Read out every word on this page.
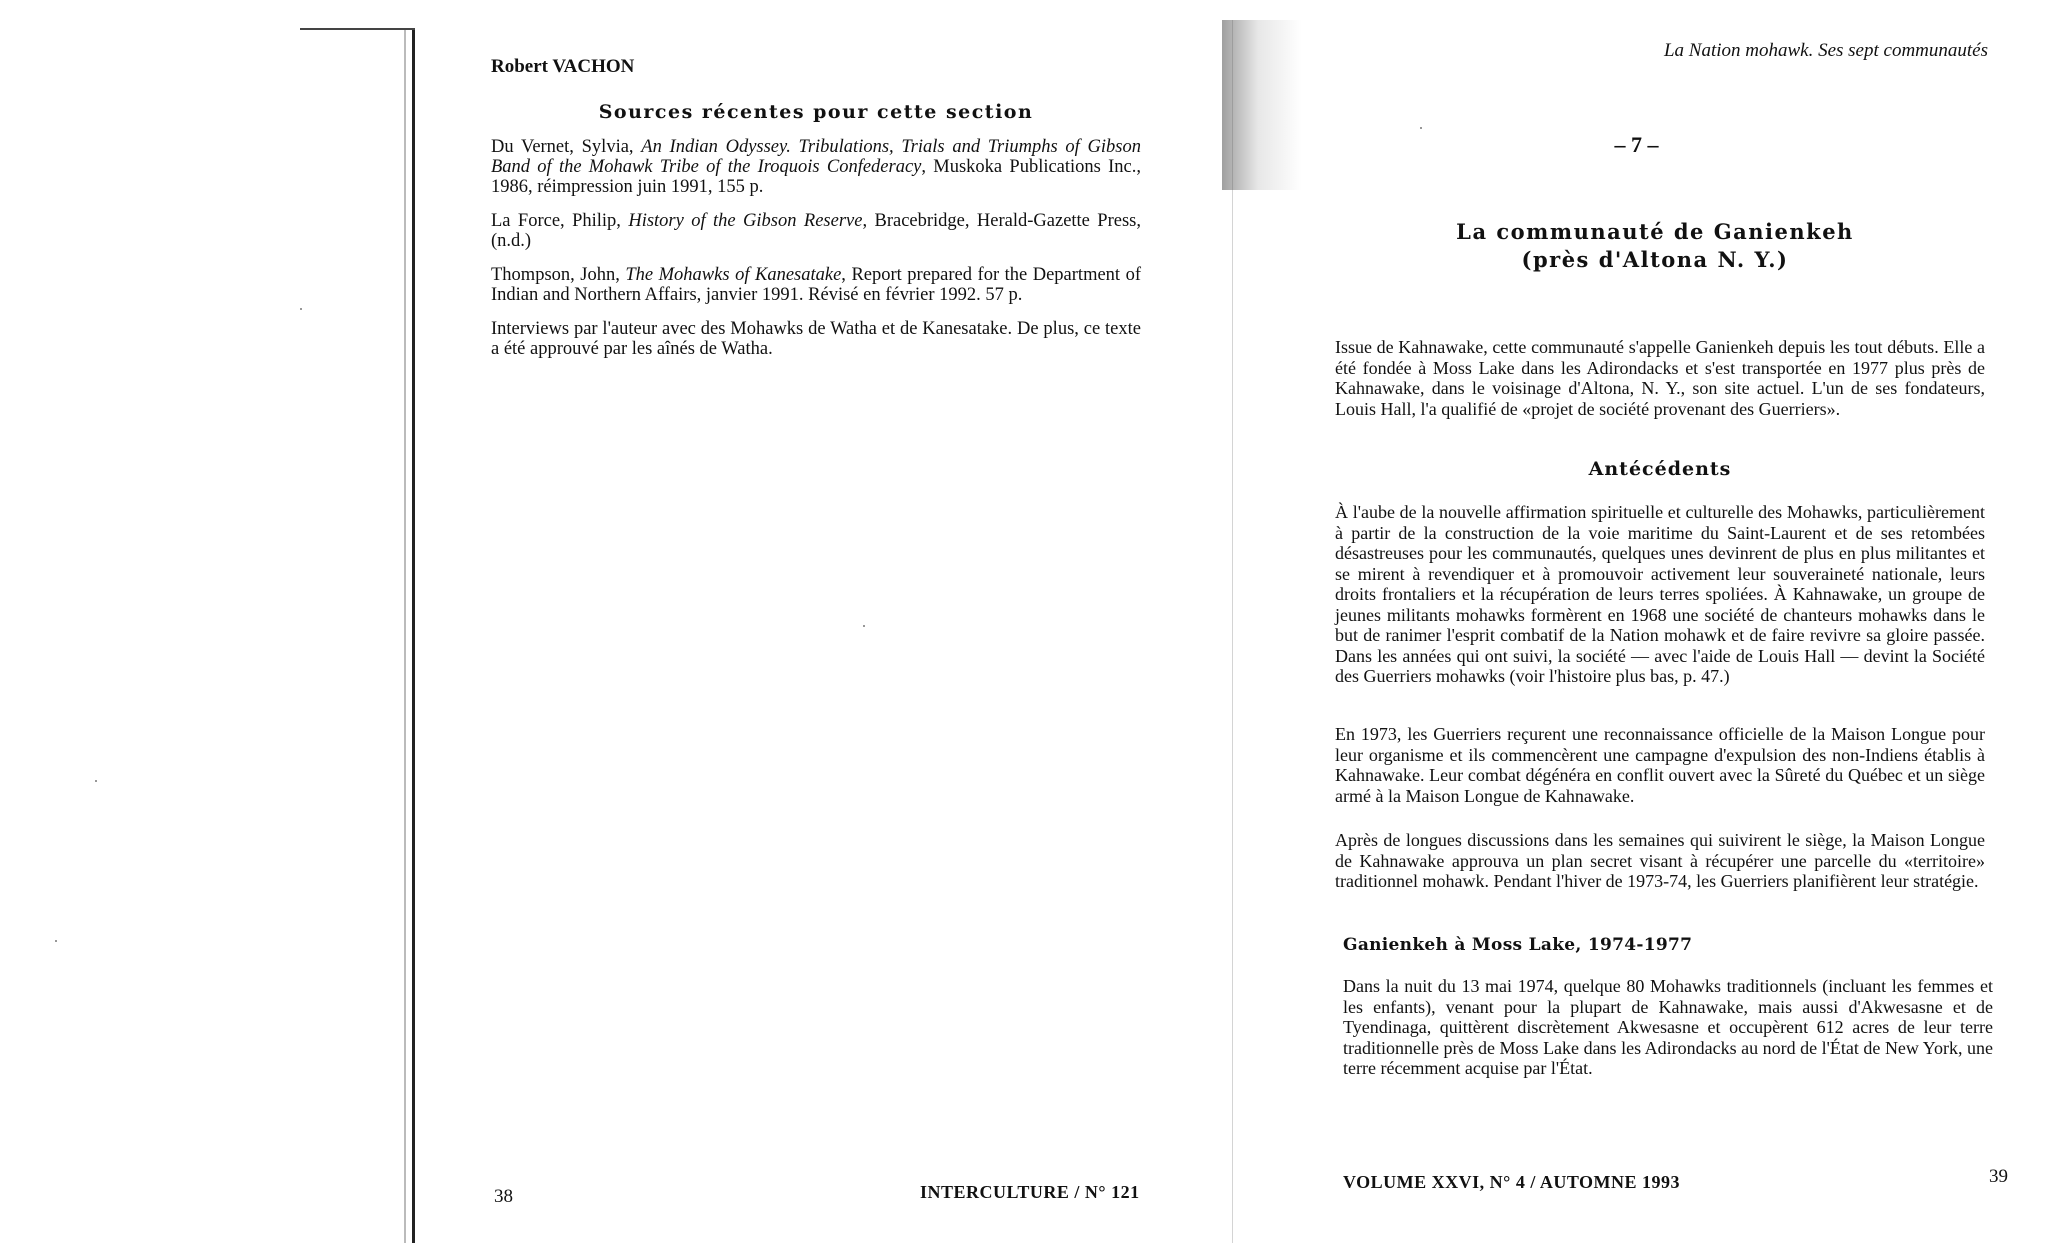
Robert VACHON
Sources récentes pour cette section

Du Vernet, Sylvia, An Indian Odyssey. Tribulations, Trials and Triumphs of Gibson Band of the Mohawk Tribe of the Iroquois Confederacy, Muskoka Publications Inc., 1986, réimpression juin 1991, 155 p.

La Force, Philip, History of the Gibson Reserve, Bracebridge, Herald-Gazette Press, (n.d.)

Thompson, John, The Mohawks of Kanesatake, Report prepared for the Department of Indian and Northern Affairs, janvier 1991. Révisé en février 1992. 57 p.

Interviews par l'auteur avec des Mohawks de Watha et de Kanesatake. De plus, ce texte a été approuvé par les aînés de Watha.

38	INTERCULTURE / N° 121
La Nation mohawk. Ses sept communautés
– 7 –
La communauté de Ganienkeh
(près d'Altona N. Y.)
Issue de Kahnawake, cette communauté s'appelle Ganienkeh depuis les tout débuts. Elle a été fondée à Moss Lake dans les Adirondacks et s'est transportée en 1977 plus près de Kahnawake, dans le voisinage d'Altona, N. Y., son site actuel. L'un de ses fondateurs, Louis Hall, l'a qualifié de «projet de société provenant des Guerriers».
Antécédents
À l'aube de la nouvelle affirmation spirituelle et culturelle des Mohawks, particulièrement à partir de la construction de la voie maritime du Saint-Laurent et de ses retombées désastreuses pour les communautés, quelques unes devinrent de plus en plus militantes et se mirent à revendiquer et à promouvoir activement leur souveraineté nationale, leurs droits frontaliers et la récupération de leurs terres spoliées. À Kahnawake, un groupe de jeunes militants mohawks formèrent en 1968 une société de chanteurs mohawks dans le but de ranimer l'esprit combatif de la Nation mohawk et de faire revivre sa gloire passée. Dans les années qui ont suivi, la société — avec l'aide de Louis Hall — devint la Société des Guerriers mohawks (voir l'histoire plus bas, p. 47.)
En 1973, les Guerriers reçurent une reconnaissance officielle de la Maison Longue pour leur organisme et ils commencèrent une campagne d'expulsion des non-Indiens établis à Kahnawake. Leur combat dégénéra en conflit ouvert avec la Sûreté du Québec et un siège armé à la Maison Longue de Kahnawake.
Après de longues discussions dans les semaines qui suivirent le siège, la Maison Longue de Kahnawake approuva un plan secret visant à récupérer une parcelle du «territoire» traditionnel mohawk. Pendant l'hiver de 1973-74, les Guerriers planifièrent leur stratégie.
Ganienkeh à Moss Lake, 1974-1977
Dans la nuit du 13 mai 1974, quelque 80 Mohawks traditionnels (incluant les femmes et les enfants), venant pour la plupart de Kahnawake, mais aussi d'Akwesasne et de Tyendinaga, quittèrent discrètement Akwesasne et occupèrent 612 acres de leur terre traditionnelle près de Moss Lake dans les Adirondacks au nord de l'État de New York, une terre récemment acquise par l'État.
VOLUME XXVI, N° 4 / AUTOMNE 1993	39
